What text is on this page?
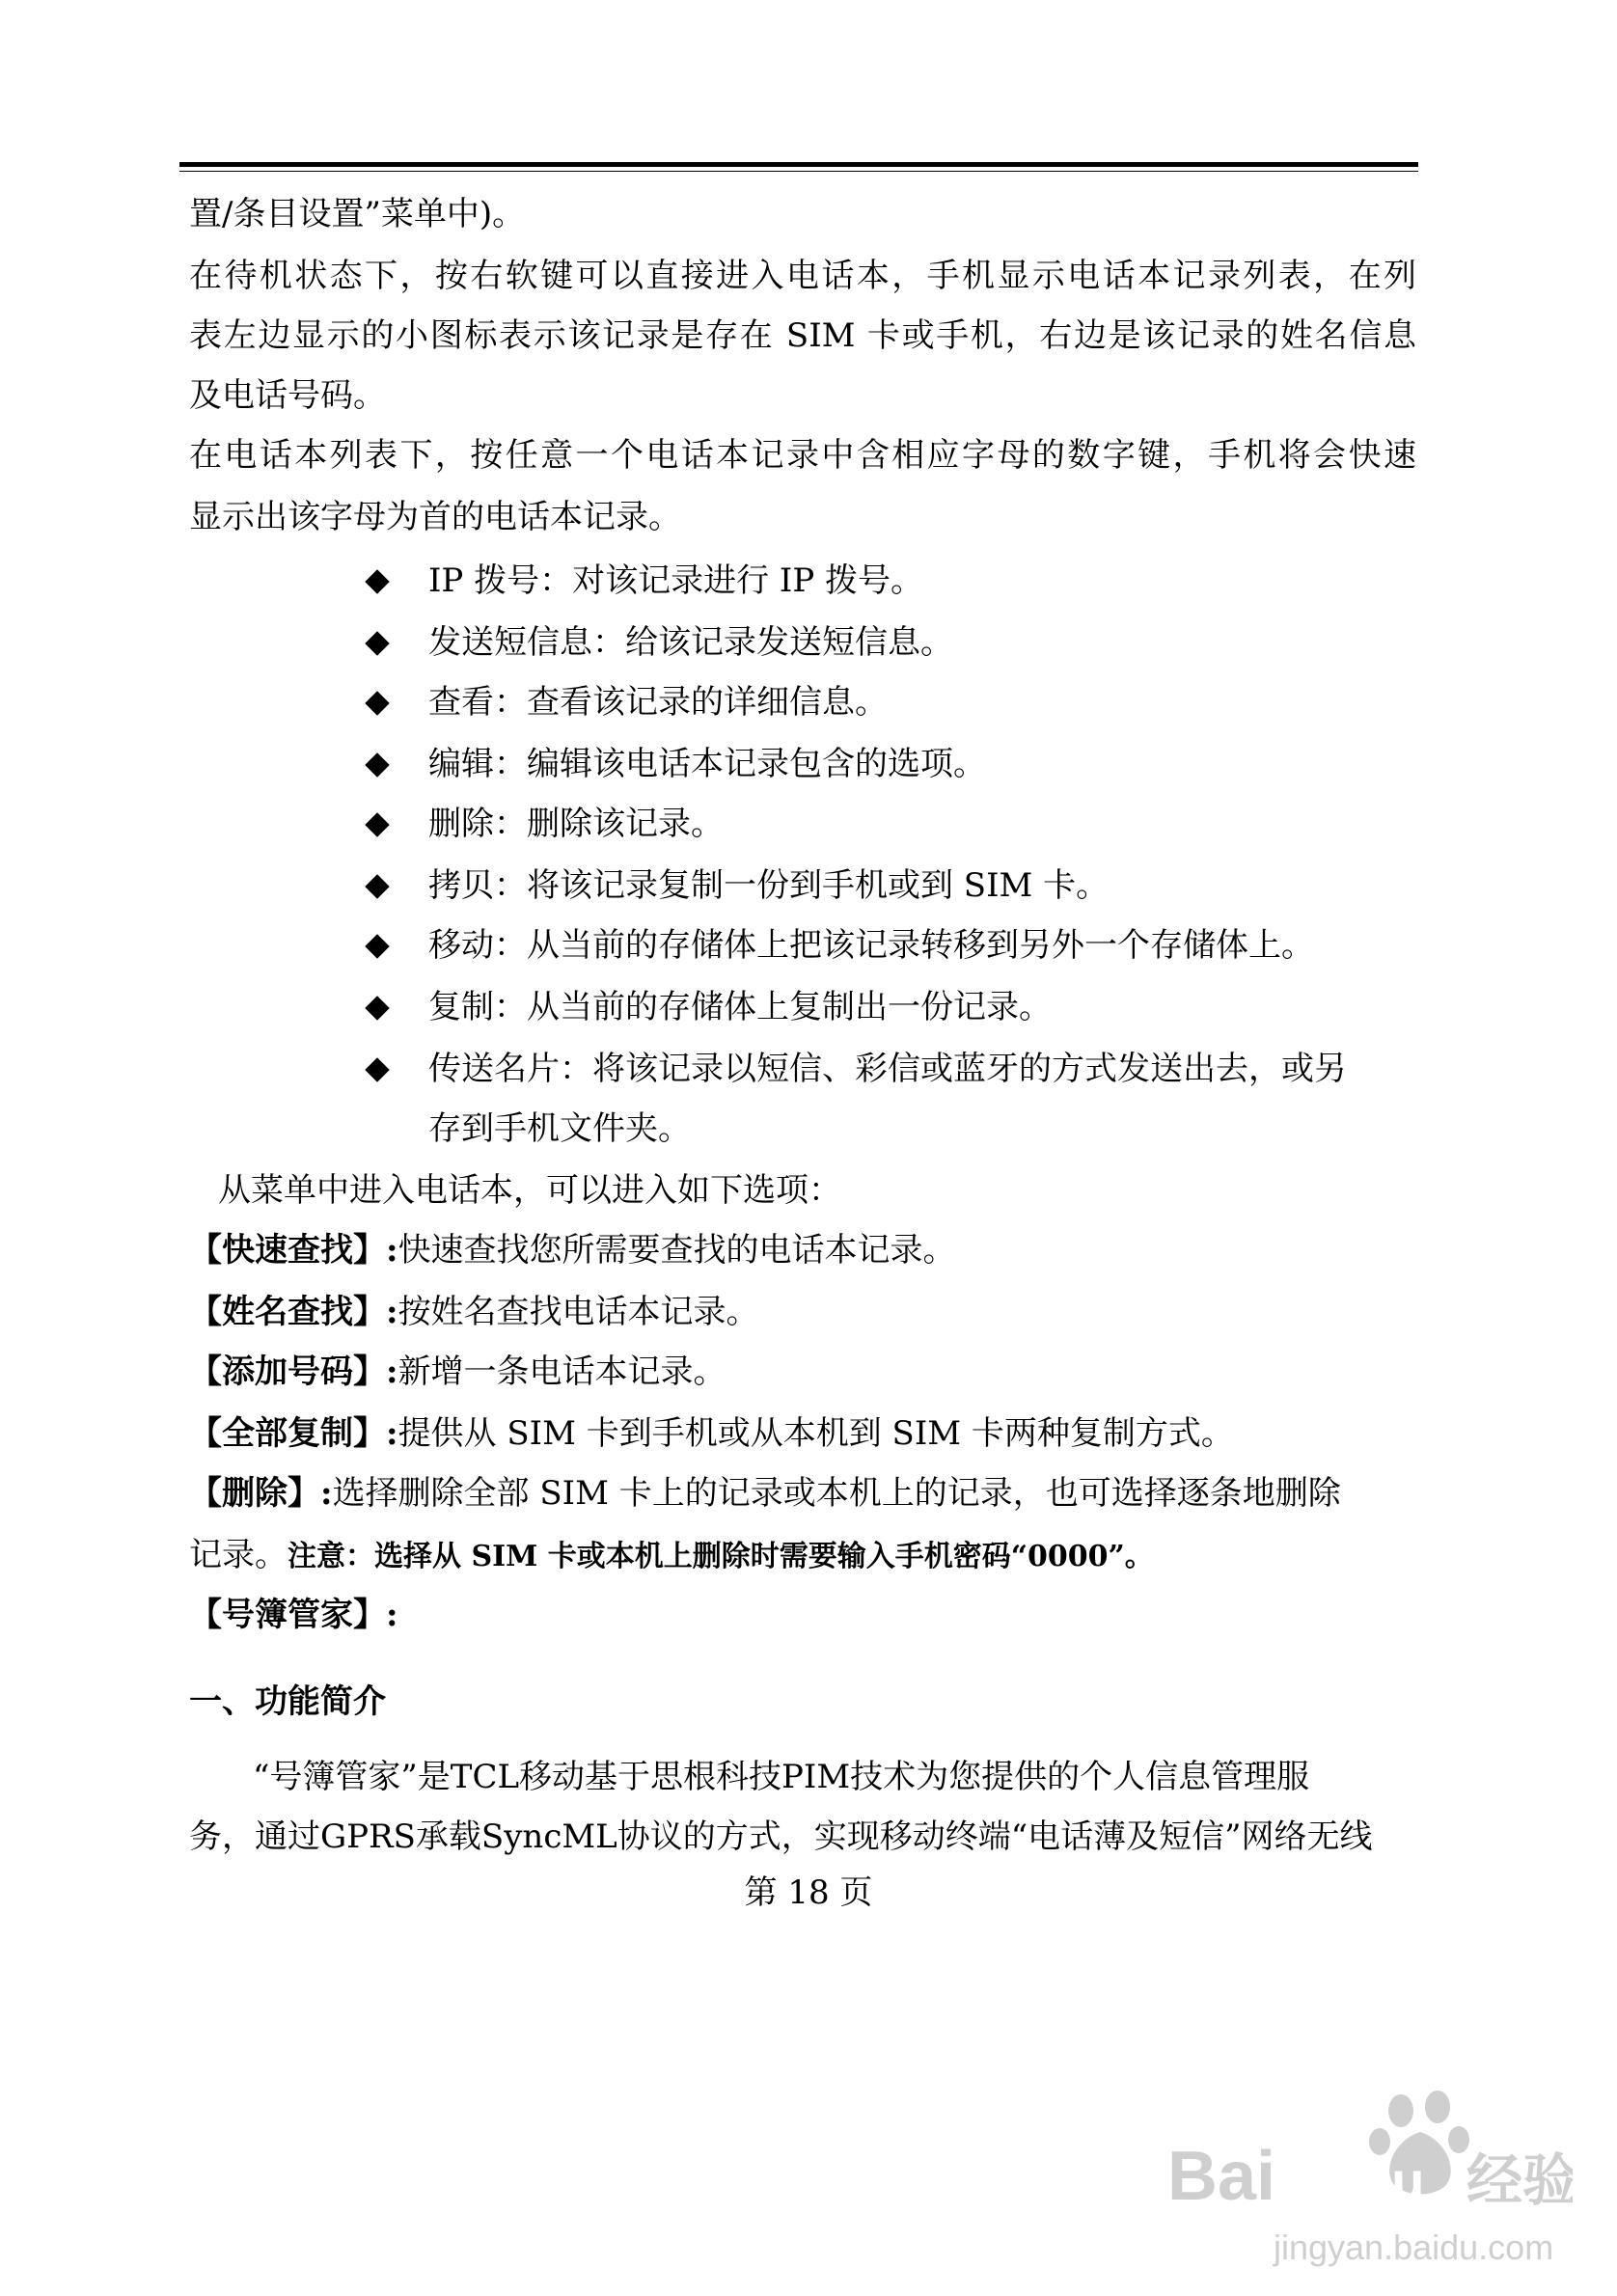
置/条目设置”菜单中)。
在待机状态下，按右软键可以直接进入电话本，手机显示电话本记录列表，在列
表左边显示的小图标表示该记录是存在 SIM 卡或手机，右边是该记录的姓名信息
及电话号码。
在电话本列表下，按任意一个电话本记录中含相应字母的数字键，手机将会快速
显示出该字母为首的电话本记录。
IP 拨号：对该记录进行 IP 拨号。
发送短信息：给该记录发送短信息。
查看：查看该记录的详细信息。
编辑：编辑该电话本记录包含的选项。
删除：删除该记录。
拷贝：将该记录复制一份到手机或到 SIM 卡。
移动：从当前的存储体上把该记录转移到另外一个存储体上。
复制：从当前的存储体上复制出一份记录。
传送名片：将该记录以短信、彩信或蓝牙的方式发送出去，或另
存到手机文件夹。
从菜单中进入电话本，可以进入如下选项：
【快速查找】:快速查找您所需要查找的电话本记录。
【姓名查找】:按姓名查找电话本记录。
【添加号码】:新增一条电话本记录。
【全部复制】:提供从 SIM 卡到手机或从本机到 SIM 卡两种复制方式。
【删除】:选择删除全部 SIM 卡上的记录或本机上的记录，也可选择逐条地删除
记录。注意：选择从 SIM 卡或本机上删除时需要输入手机密码“0000”。
【号簿管家】:
一、功能简介
“号簿管家”是TCL移动基于思根科技PIM技术为您提供的个人信息管理服
务，通过GPRS承载SyncML协议的方式，实现移动终端“电话薄及短信”网络无线
第 18 页
Bai du 经验
jingyan.baidu.com
